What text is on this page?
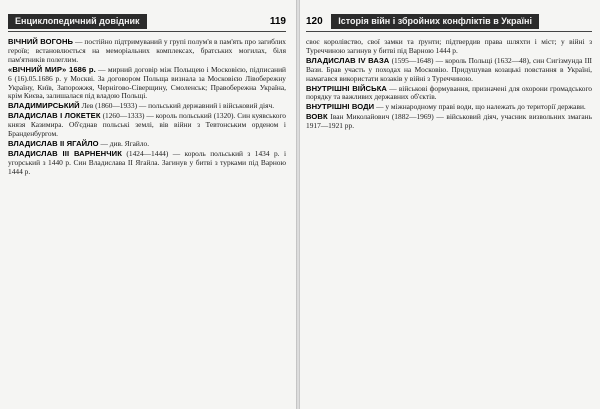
Енциклопедичний довідник	119

ВІЧНИЙ ВОГОНЬ — постійно підтримуваний у групі полум'я в пам'ять про загиблих героїв; встановлюється на меморіальних комплексах, братських могилах, біля пам'ятників полеглим.

«ВІЧНИЙ МИР» 1686 р. — мирний договір між Польщею і Московією, підписаний 6 (16).05.1686 р. у Москві. За договором Польща визнала за Московією Лівобережну Україну, Київ, Запорожжя, Чернігово-Сіверщину, Смоленськ; Правобережна Україна, крім Києва, залишалася під владою Польщі.

ВЛАДИМИРСЬКИЙ Лев (1860—1933) — польський державний і військовий діяч.

ВЛАДИСЛАВ І ЛОКЕТЕК (1260—1333) — король польський (1320). Син куявського князя Казимира. Об'єднав польські землі, вів війни з Тевтонським орденом і Бранденбургом.

ВЛАДИСЛАВ ІІ ЯГАЙЛО — див. Ягайло.

ВЛАДИСЛАВ ІІІ ВАРНЕНЧИК (1424—1444) — король польський з 1434 р. і угорський з 1440 р. Син Владислава ІІ Ягайла. Загинув у битві з турками під Варною 1444 р.

120 Історія війн і збройних конфліктів в Україні

своє королівство, свої замки та ґрунти; підтвердив права шляхти і міст; у війні з Туреччиною загинув у битві під Варною 1444 р.

ВЛАДИСЛАВ IV ВАЗА (1595—1648) — король Польщі (1632—48), син Сигізмунда ІІІ Вази. Брав участь у походах на Московію. Придушував козацькі повстання в Україні, намагався використати козаків у війні з Туреччиною.

ВНУТРІШНІ ВІЙСЬКА — військові формування, призначені для охорони громадського порядку та важливих державних об'єктів.

ВНУТРІШНІ ВОДИ — у міжнародному праві води, що належать до території держави.

ВОВК Іван Миколайович (1882—1969) — військовий діяч, учасник визвольних змагань 1917—1921 рр.
